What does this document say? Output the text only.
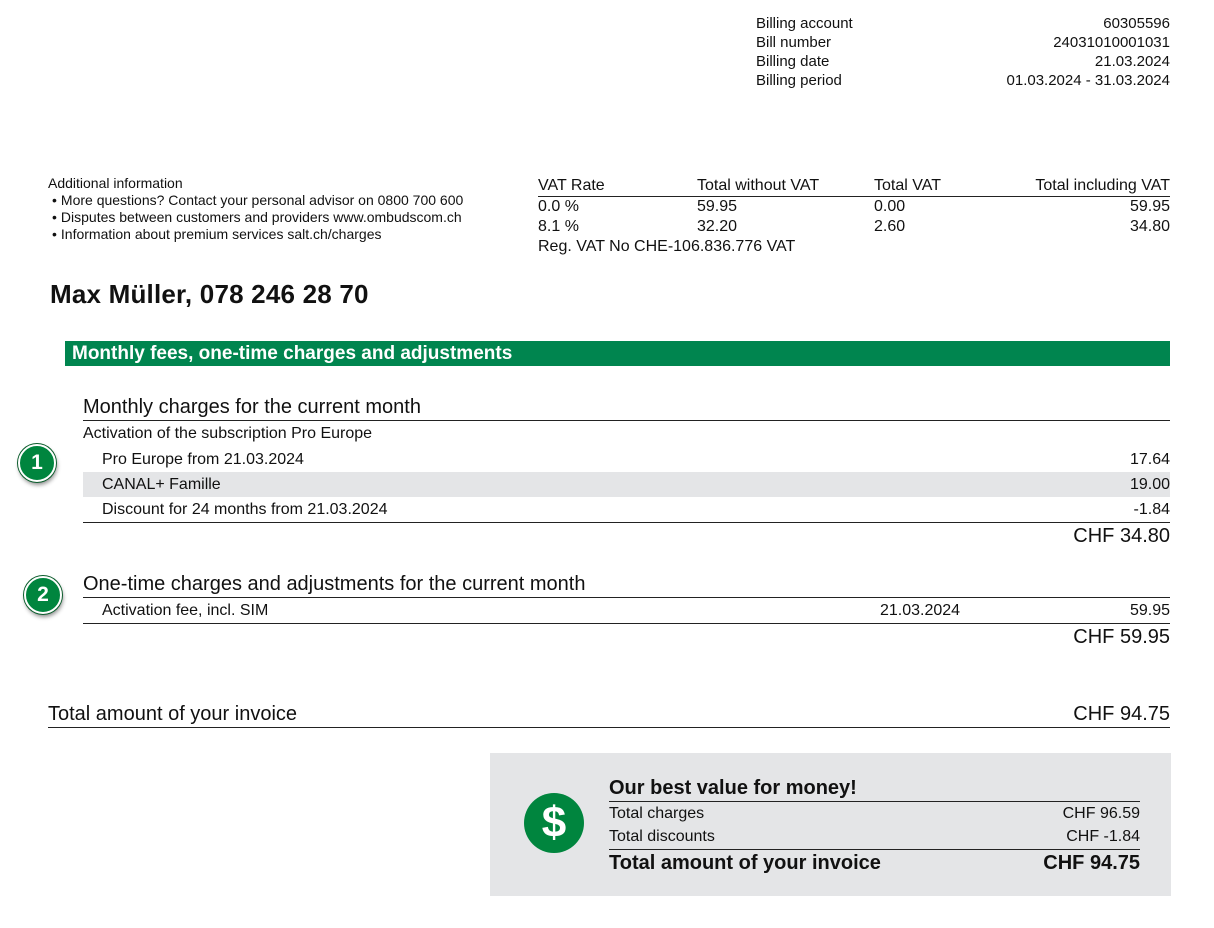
Billing account	60305596
Bill number	24031010001031
Billing date	21.03.2024
Billing period	01.03.2024 - 31.03.2024
Additional information
• More questions? Contact your personal advisor on 0800 700 600
• Disputes between customers and providers www.ombudscom.ch
• Information about premium services salt.ch/charges
VAT Rate	Total without VAT	Total VAT	Total including VAT
0.0 %	59.95	0.00	59.95
8.1 %	32.20	2.60	34.80
Reg. VAT No CHE-106.836.776 VAT
Max Müller, 078 246 28 70
Monthly fees, one-time charges and adjustments
1
Monthly charges for the current month
Activation of the subscription Pro Europe
Pro Europe from 21.03.2024	17.64
CANAL+ Famille	19.00
Discount for 24 months from 21.03.2024	-1.84
CHF 34.80
2	One-time charges and adjustments for the current month
Activation fee, incl. SIM	21.03.2024	59.95
CHF 59.95
Total amount of your invoice	CHF 94.75
$
Our best value for money!
Total charges	CHF 96.59
Total discounts	CHF -1.84
Total amount of your invoice	CHF 94.75
